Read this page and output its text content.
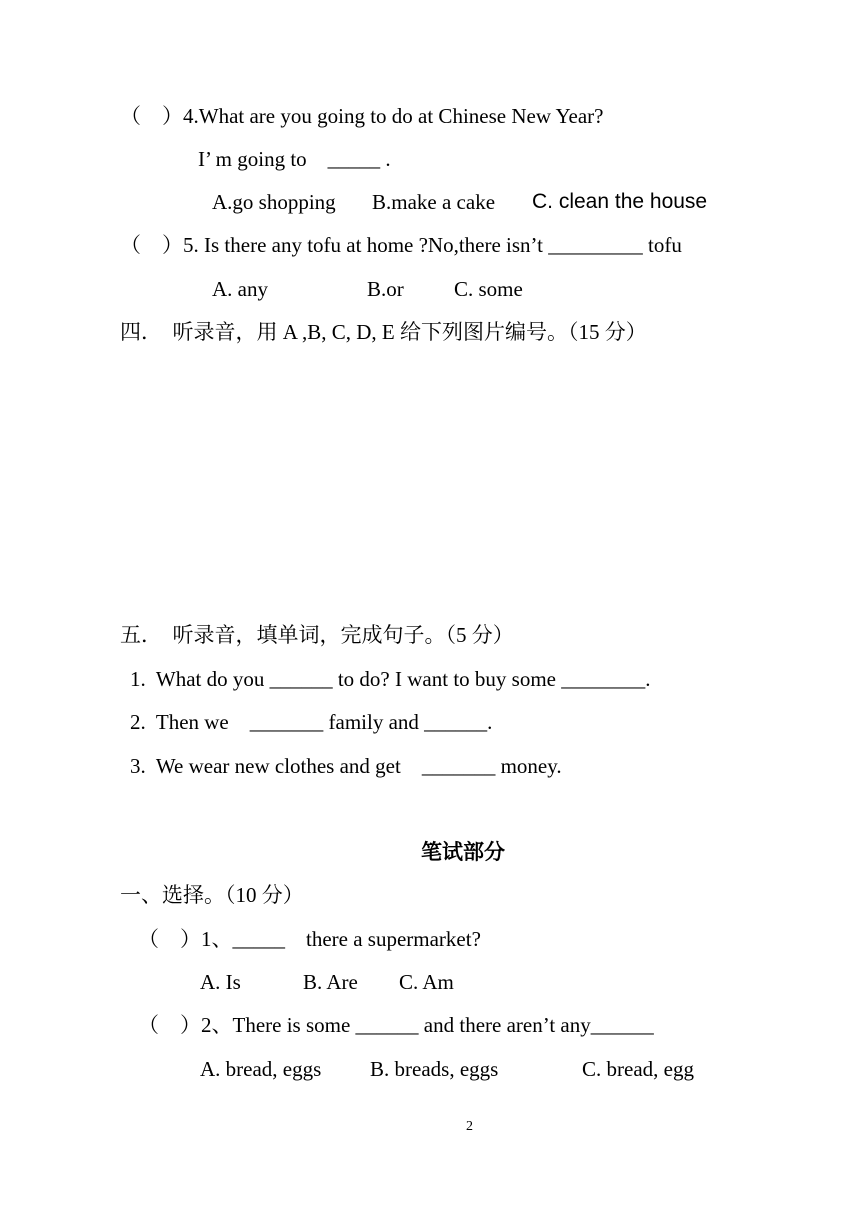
（　）4.What are you going to do at Chinese New Year?
I’ m going to    _____ .
A.go shopping B.make a cake C. clean the house
（　）5. Is there any tofu at home ?No,there isn’t _________ tofu
A. any	B.or C. some
四．  听录音，用 A ,B, C, D, E 给下列图片编号。（15 分）
五．  听录音，填单词，完成句子。（5 分）
1.  What do you ______ to do? I want to buy some ________.
2.  Then we    _______ family and ______.
3.  We wear new clothes and get    _______ money.
笔试部分
一、选择。（10 分）
（　）1、_____    there a supermarket?
A. Is	B. Are C. Am
（　）2、There is some ______ and there aren’t any______
A. bread, eggs B. breads, eggs	C. bread, egg
2
